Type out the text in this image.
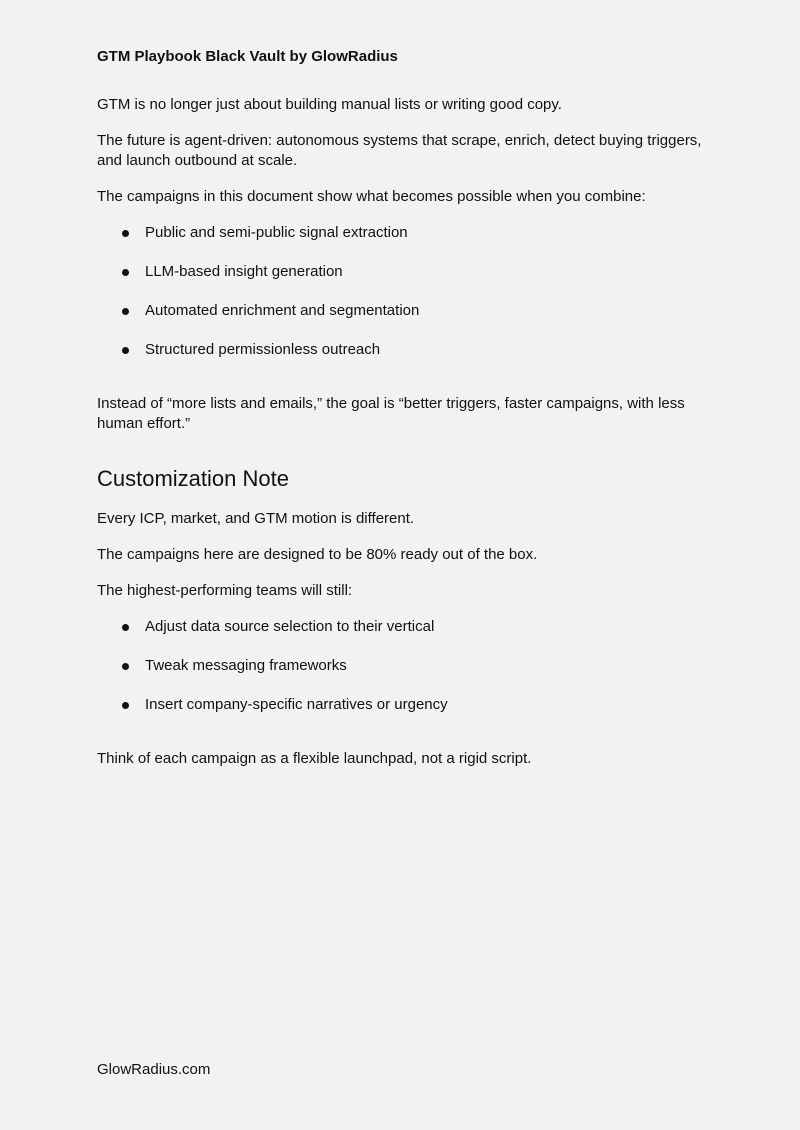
GTM Playbook Black Vault by GlowRadius

GTM is no longer just about building manual lists or writing good copy.

The future is agent-driven: autonomous systems that scrape, enrich, detect buying triggers, and launch outbound at scale.

The campaigns in this document show what becomes possible when you combine:

Public and semi-public signal extraction
LLM-based insight generation
Automated enrichment and segmentation
Structured permissionless outreach

Instead of “more lists and emails,” the goal is “better triggers, faster campaigns, with less human effort.”

Customization Note

Every ICP, market, and GTM motion is different.

The campaigns here are designed to be 80% ready out of the box.

The highest-performing teams will still:

Adjust data source selection to their vertical
Tweak messaging frameworks
Insert company-specific narratives or urgency

Think of each campaign as a flexible launchpad, not a rigid script.

GlowRadius.com
